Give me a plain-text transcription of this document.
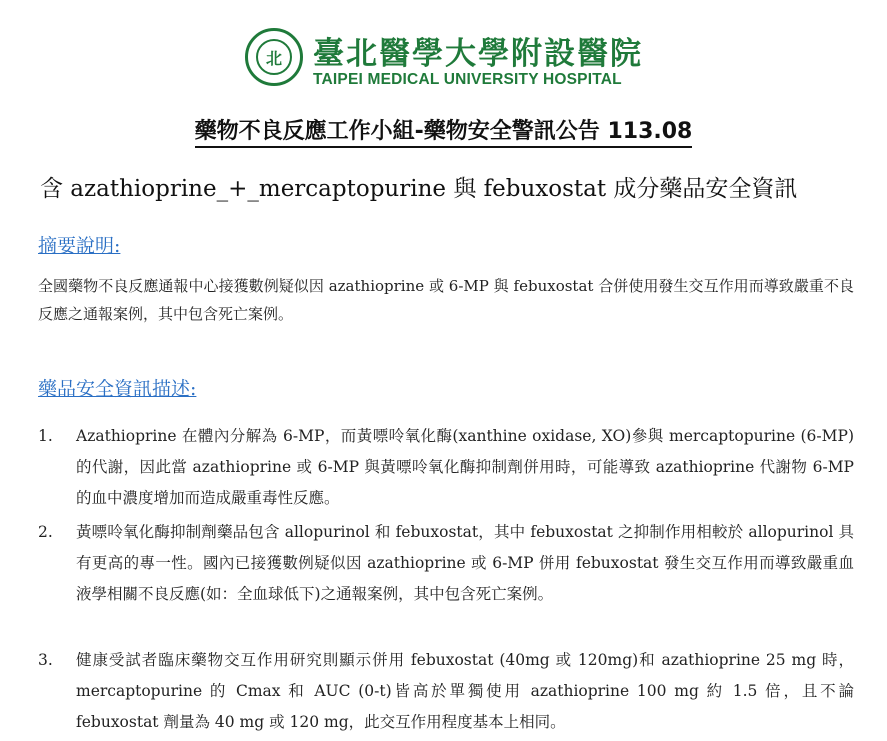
北 臺北醫學大學附設醫院
TAIPEI MEDICAL UNIVERSITY HOSPITAL
藥物不良反應工作小組-藥物安全警訊公告 113.08
含 azathioprine_+_mercaptopurine 與 febuxostat 成分藥品安全資訊
摘要說明:
全國藥物不良反應通報中心接獲數例疑似因 azathioprine 或 6-MP 與 febuxostat 合併使用發生交互作用而導致嚴重不良反應之通報案例，其中包含死亡案例。
藥品安全資訊描述:
1.	Azathioprine 在體內分解為 6-MP，而黃嘌呤氧化酶(xanthine oxidase, XO)參與 mercaptopurine (6-MP)的代謝，因此當 azathioprine 或 6-MP 與黃嘌呤氧化酶抑制劑併用時，可能導致 azathioprine 代謝物 6-MP 的血中濃度增加而造成嚴重毒性反應。
2.	黃嘌呤氧化酶抑制劑藥品包含 allopurinol 和 febuxostat，其中 febuxostat 之抑制作用相較於 allopurinol 具有更高的專一性。國內已接獲數例疑似因 azathioprine 或 6-MP 併用 febuxostat 發生交互作用而導致嚴重血液學相關不良反應(如：全血球低下)之通報案例，其中包含死亡案例。
3.	健康受試者臨床藥物交互作用研究則顯示併用 febuxostat (40mg 或 120mg)和 azathioprine 25 mg 時，mercaptopurine 的 Cmax 和 AUC (0-t)皆高於單獨使用 azathioprine 100 mg 約 1.5 倍，且不論 febuxostat 劑量為 40 mg 或 120 mg，此交互作用程度基本上相同。
